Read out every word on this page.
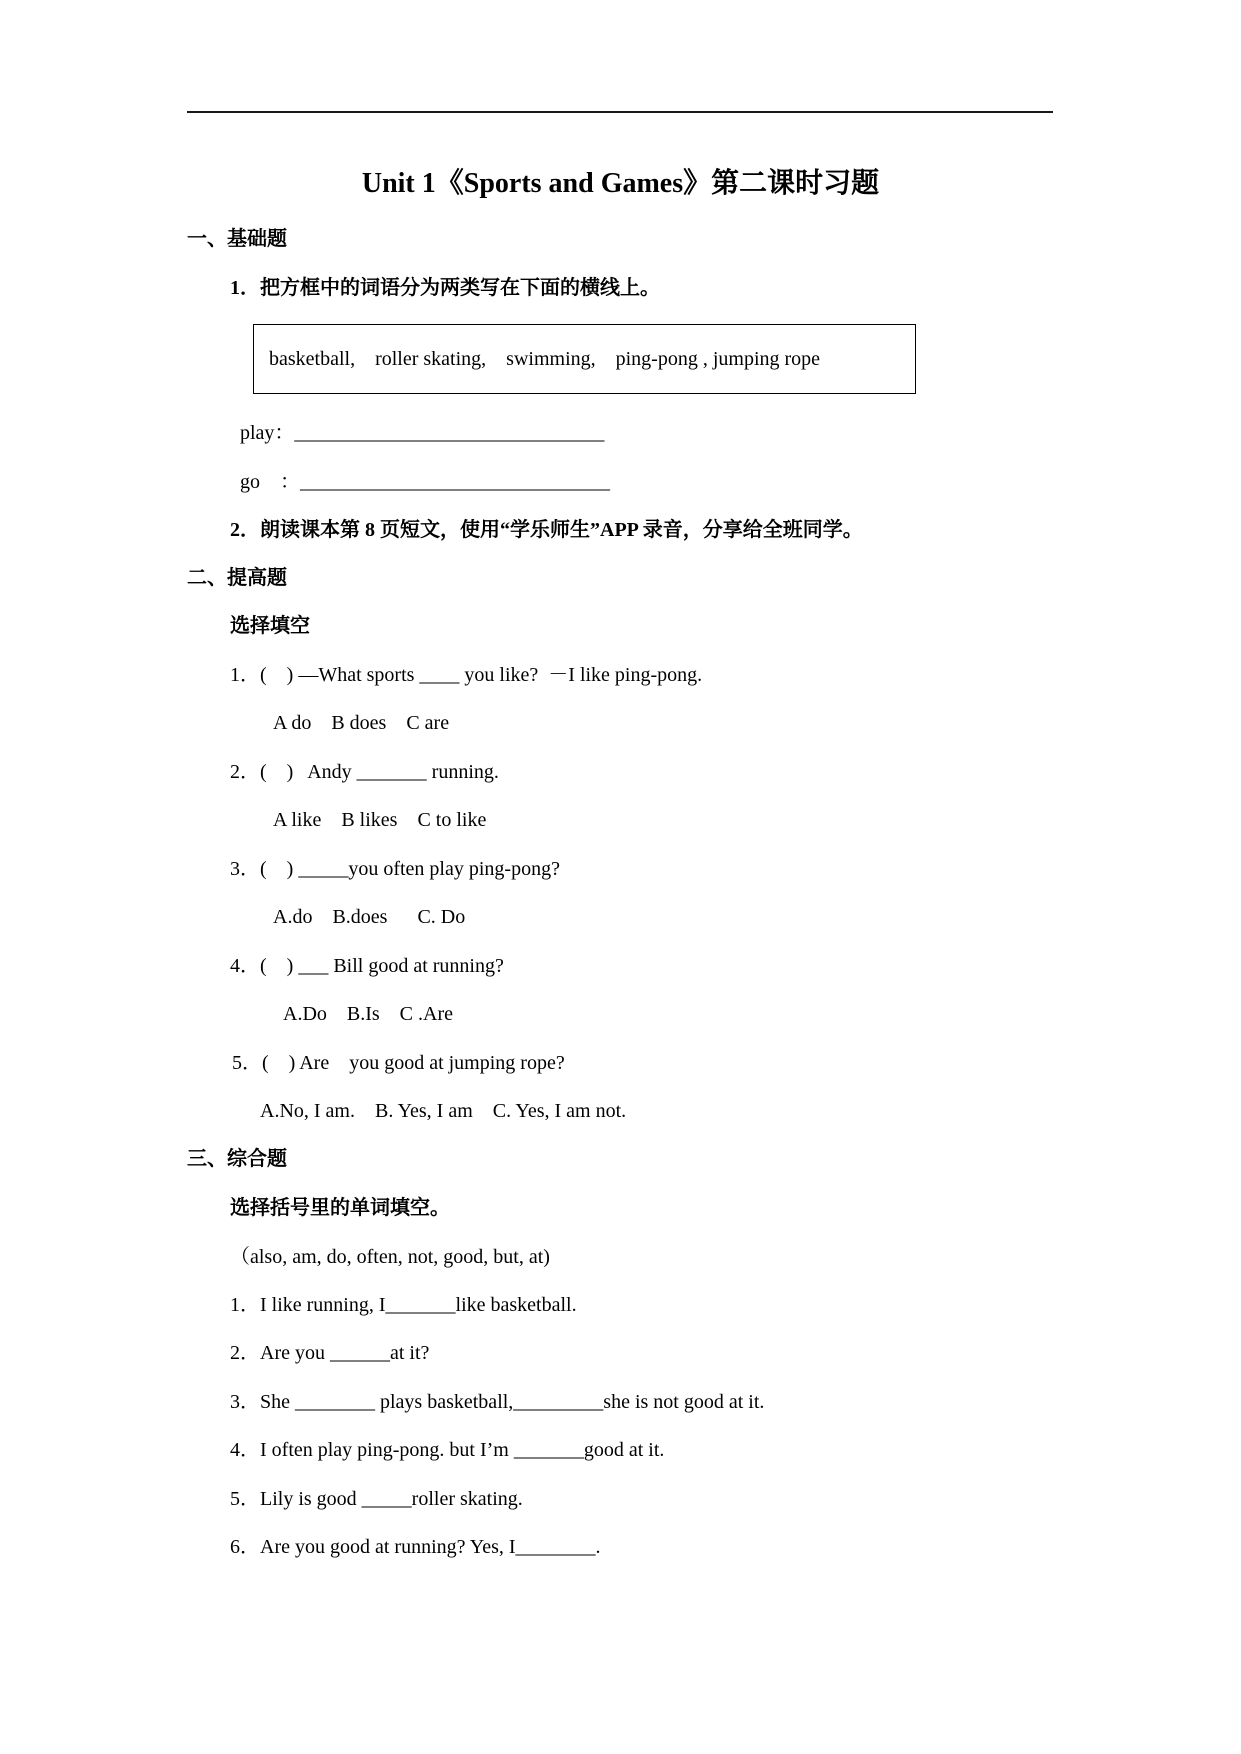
Unit 1《Sports and Games》第二课时习题
一、基础题
1．把方框中的词语分为两类写在下面的横线上。
basketball,    roller skating,    swimming,    ping-pong , jumping rope
play：_______________________________
go    ：_______________________________
2．朗读课本第 8 页短文，使用“学乐师生”APP 录音，分享给全班同学。
二、提高题
选择填空
1．(    ) —What sports ____ you like?  －I like ping-pong.
A do    B does    C are
2．(    )   Andy _______ running.
A like    B likes    C to like
3．(    ) _____you often play ping-pong?
A.do    B.does      C. Do
4．(    ) ___ Bill good at running?
A.Do    B.Is    C .Are
5．(    ) Are    you good at jumping rope?
A.No, I am.    B. Yes, I am    C. Yes, I am not.
三、综合题
选择括号里的单词填空。
（also, am, do, often, not, good, but, at)
1．I like running, I_______like basketball.
2．Are you ______at it?
3．She ________ plays basketball,_________she is not good at it.
4．I often play ping-pong. but I’m _______good at it.
5．Lily is good _____roller skating.
6．Are you good at running? Yes, I________.
